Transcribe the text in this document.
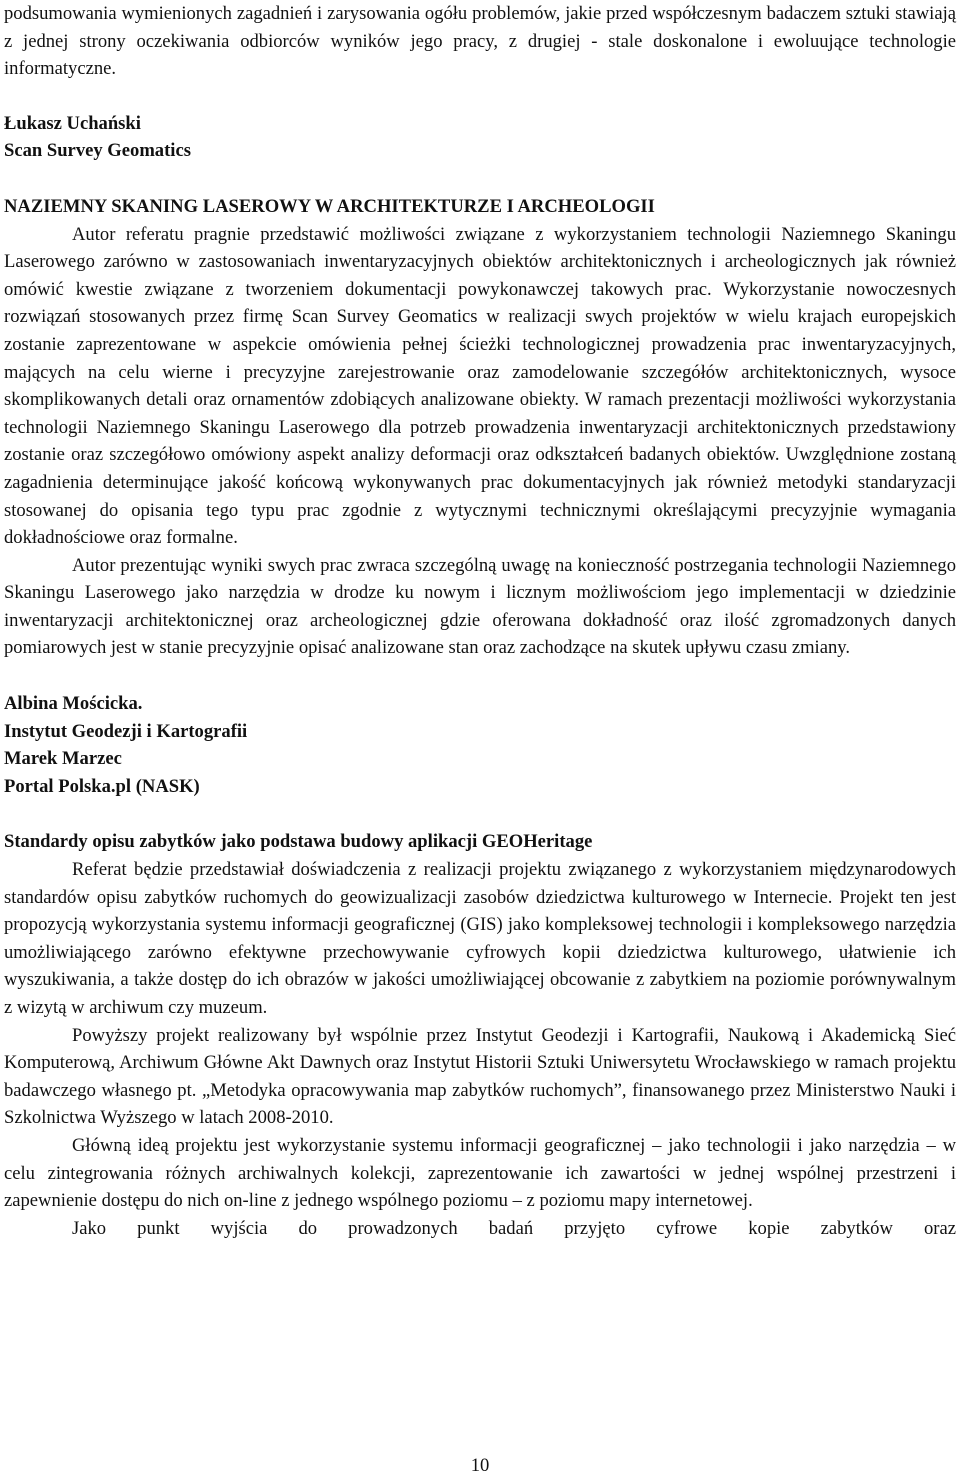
podsumowania wymienionych zagadnień i zarysowania ogółu problemów, jakie przed współczesnym badaczem sztuki stawiają z jednej strony oczekiwania odbiorców wyników jego pracy, z drugiej - stale doskonalone i ewoluujące technologie informatyczne.

Łukasz Uchański
Scan Survey Geomatics
NAZIEMNY SKANING LASEROWY W ARCHITEKTURZE I ARCHEOLOGII

Autor referatu pragnie przedstawić możliwości związane z wykorzystaniem technologii Naziemnego Skaningu Laserowego zarówno w zastosowaniach inwentaryzacyjnych obiektów architektonicznych i archeologicznych jak również omówić kwestie związane z tworzeniem dokumentacji powykonawczej takowych prac. Wykorzystanie nowoczesnych rozwiązań stosowanych przez firmę Scan Survey Geomatics w realizacji swych projektów w wielu krajach europejskich zostanie zaprezentowane w aspekcie omówienia pełnej ścieżki technologicznej prowadzenia prac inwentaryzacyjnych, mających na celu wierne i precyzyjne zarejestrowanie oraz zamodelowanie szczegółów architektonicznych, wysoce skomplikowanych detali oraz ornamentów zdobiących analizowane obiekty. W ramach prezentacji możliwości wykorzystania technologii Naziemnego Skaningu Laserowego dla potrzeb prowadzenia inwentaryzacji architektonicznych przedstawiony zostanie oraz szczegółowo omówiony aspekt analizy deformacji oraz odkształceń badanych obiektów. Uwzględnione zostaną zagadnienia determinujące jakość końcową wykonywanych prac dokumentacyjnych jak również metodyki standaryzacji stosowanej do opisania tego typu prac zgodnie z wytycznymi technicznymi określającymi precyzyjnie wymagania dokładnościowe oraz formalne.

Autor prezentując wyniki swych prac zwraca szczególną uwagę na konieczność postrzegania technologii Naziemnego Skaningu Laserowego jako narzędzia w drodze ku nowym i licznym możliwościom jego implementacji w dziedzinie inwentaryzacji architektonicznej oraz archeologicznej gdzie oferowana dokładność oraz ilość zgromadzonych danych pomiarowych jest w stanie precyzyjnie opisać analizowane stan oraz zachodzące na skutek upływu czasu zmiany.

Albina Mościcka.
Instytut Geodezji i Kartografii
Marek Marzec
Portal Polska.pl (NASK)
Standardy opisu zabytków jako podstawa budowy aplikacji GEOHeritage

Referat będzie przedstawiał doświadczenia z realizacji projektu związanego z wykorzystaniem międzynarodowych standardów opisu zabytków ruchomych do geowizualizacji zasobów dziedzictwa kulturowego w Internecie. Projekt ten jest propozycją wykorzystania systemu informacji geograficznej (GIS) jako kompleksowej technologii i kompleksowego narzędzia umożliwiającego zarówno efektywne przechowywanie cyfrowych kopii dziedzictwa kulturowego, ułatwienie ich wyszukiwania, a także dostęp do ich obrazów w jakości umożliwiającej obcowanie z zabytkiem na poziomie porównywalnym z wizytą w archiwum czy muzeum.

Powyższy projekt realizowany był wspólnie przez Instytut Geodezji i Kartografii, Naukową i Akademicką Sieć Komputerową, Archiwum Główne Akt Dawnych oraz Instytut Historii Sztuki Uniwersytetu Wrocławskiego w ramach projektu badawczego własnego pt. „Metodyka opracowywania map zabytków ruchomych”, finansowanego przez Ministerstwo Nauki i Szkolnictwa Wyższego w latach 2008-2010.

Główną ideą projektu jest wykorzystanie systemu informacji geograficznej – jako technologii i jako narzędzia – w celu zintegrowania różnych archiwalnych kolekcji, zaprezentowanie ich zawartości w jednej wspólnej przestrzeni i zapewnienie dostępu do nich on-line z jednego wspólnego poziomu – z poziomu mapy internetowej.

Jako punkt wyjścia do prowadzonych badań przyjęto cyfrowe kopie zabytków oraz

10
